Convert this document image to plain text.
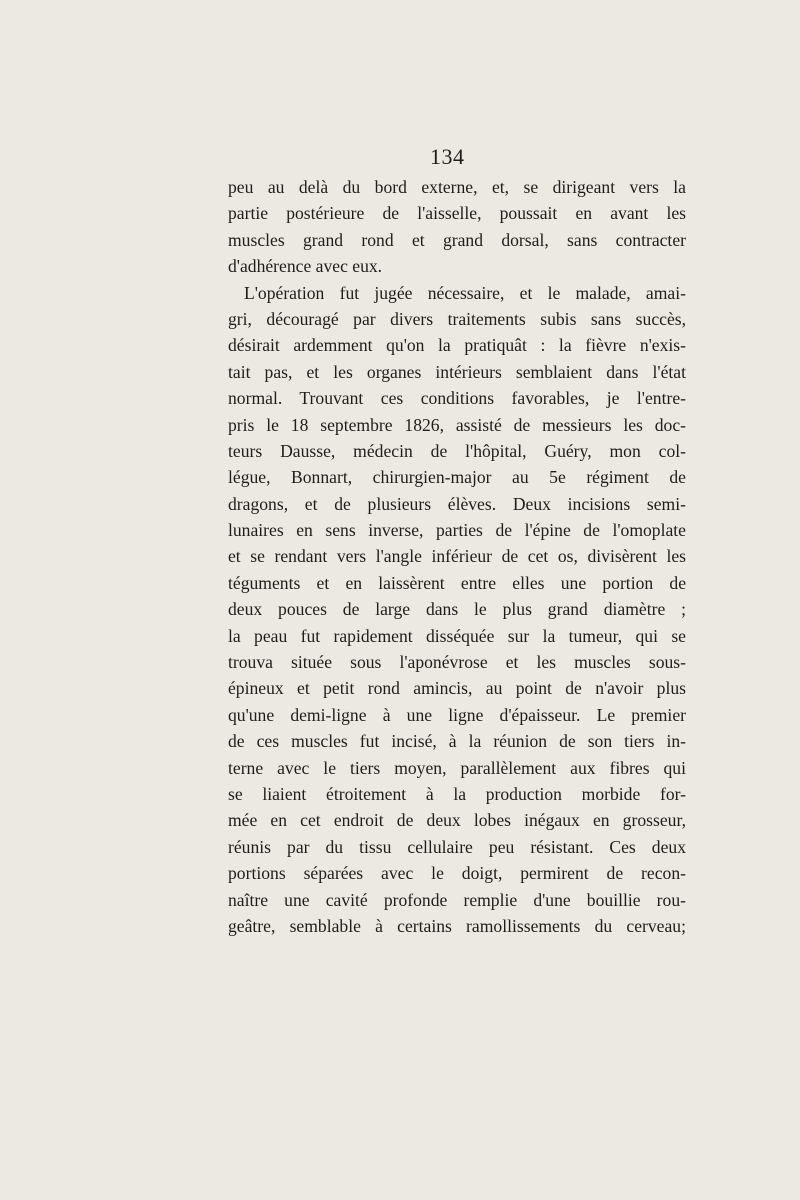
134
peu au delà du bord externe, et, se dirigeant vers la
partie postérieure de l'aisselle, poussait en avant les
muscles grand rond et grand dorsal, sans contracter
d'adhérence avec eux.
L'opération fut jugée nécessaire, et le malade, amai-
gri, découragé par divers traitements subis sans succès,
désirait ardemment qu'on la pratiquât : la fièvre n'exis-
tait pas, et les organes intérieurs semblaient dans l'état
normal. Trouvant ces conditions favorables, je l'entre-
pris le 18 septembre 1826, assisté de messieurs les doc-
teurs Dausse, médecin de l'hôpital, Guéry, mon col-
légue, Bonnart, chirurgien-major au 5e régiment de
dragons, et de plusieurs élèves. Deux incisions semi-
lunaires en sens inverse, parties de l'épine de l'omoplate
et se rendant vers l'angle inférieur de cet os, divisèrent les
téguments et en laissèrent entre elles une portion de
deux pouces de large dans le plus grand diamètre ;
la peau fut rapidement disséquée sur la tumeur, qui se
trouva située sous l'aponévrose et les muscles sous-
épineux et petit rond amincis, au point de n'avoir plus
qu'une demi-ligne à une ligne d'épaisseur. Le premier
de ces muscles fut incisé, à la réunion de son tiers in-
terne avec le tiers moyen, parallèlement aux fibres qui
se liaient étroitement à la production morbide for-
mée en cet endroit de deux lobes inégaux en grosseur,
réunis par du tissu cellulaire peu résistant. Ces deux
portions séparées avec le doigt, permirent de recon-
naître une cavité profonde remplie d'une bouillie rou-
geâtre, semblable à certains ramollissements du cerveau;
